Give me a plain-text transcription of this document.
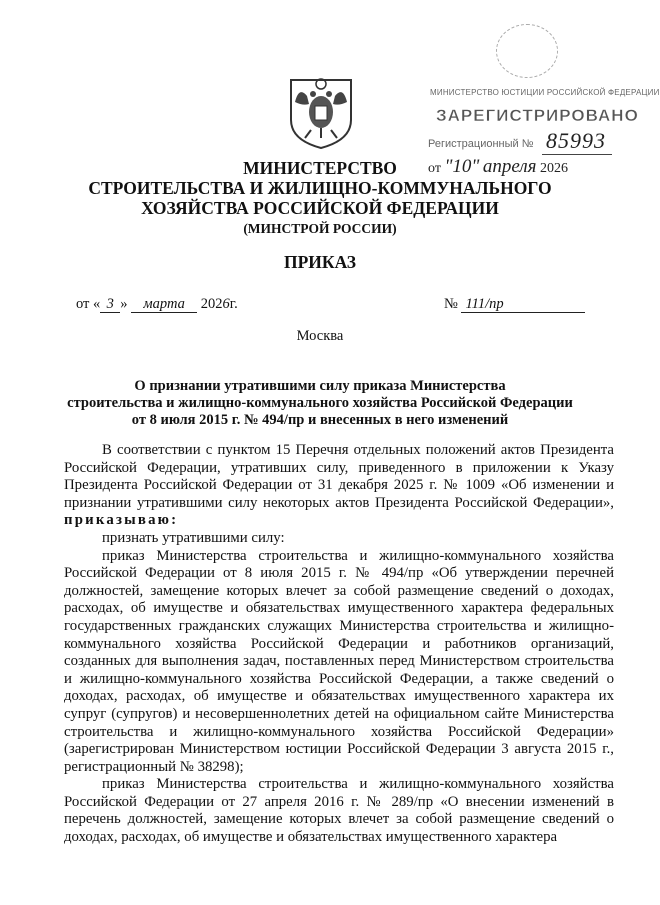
МИНИСТЕРСТВО ЮСТИЦИИ РОССИЙСКОЙ ФЕДЕРАЦИИ
ЗАРЕГИСТРИРОВАНО
Регистрационный № 85993
от "10" апреля 2026
МИНИСТЕРСТВО
СТРОИТЕЛЬСТВА И ЖИЛИЩНО-КОММУНАЛЬНОГО
ХОЗЯЙСТВА РОССИЙСКОЙ ФЕДЕРАЦИИ
(МИНСТРОЙ РОССИИ)
ПРИКАЗ
от « 3 » марта 2026г.	№ 111/пр
Москва
О признании утратившими силу приказа Министерства
строительства и жилищно-коммунального хозяйства Российской Федерации
от 8 июля 2015 г. № 494/пр и внесенных в него изменений

В соответствии с пунктом 15 Перечня отдельных положений актов Президента Российской Федерации, утративших силу, приведенного в приложении к Указу Президента Российской Федерации от 31 декабря 2025 г. № 1009 «Об изменении и признании утратившими силу некоторых актов Президента Российской Федерации», приказываю:

признать утратившими силу:

приказ Министерства строительства и жилищно-коммунального хозяйства Российской Федерации от 8 июля 2015 г. № 494/пр «Об утверждении перечней должностей, замещение которых влечет за собой размещение сведений о доходах, расходах, об имуществе и обязательствах имущественного характера федеральных государственных гражданских служащих Министерства строительства и жилищно-коммунального хозяйства Российской Федерации и работников организаций, созданных для выполнения задач, поставленных перед Министерством строительства и жилищно-коммунального хозяйства Российской Федерации, а также сведений о доходах, расходах, об имуществе и обязательствах имущественного характера их супруг (супругов) и несовершеннолетних детей на официальном сайте Министерства строительства и жилищно-коммунального хозяйства Российской Федерации» (зарегистрирован Министерством юстиции Российской Федерации 3 августа 2015 г., регистрационный № 38298);

приказ Министерства строительства и жилищно-коммунального хозяйства Российской Федерации от 27 апреля 2016 г. № 289/пр «О внесении изменений в перечень должностей, замещение которых влечет за собой размещение сведений о доходах, расходах, об имуществе и обязательствах имущественного характера
